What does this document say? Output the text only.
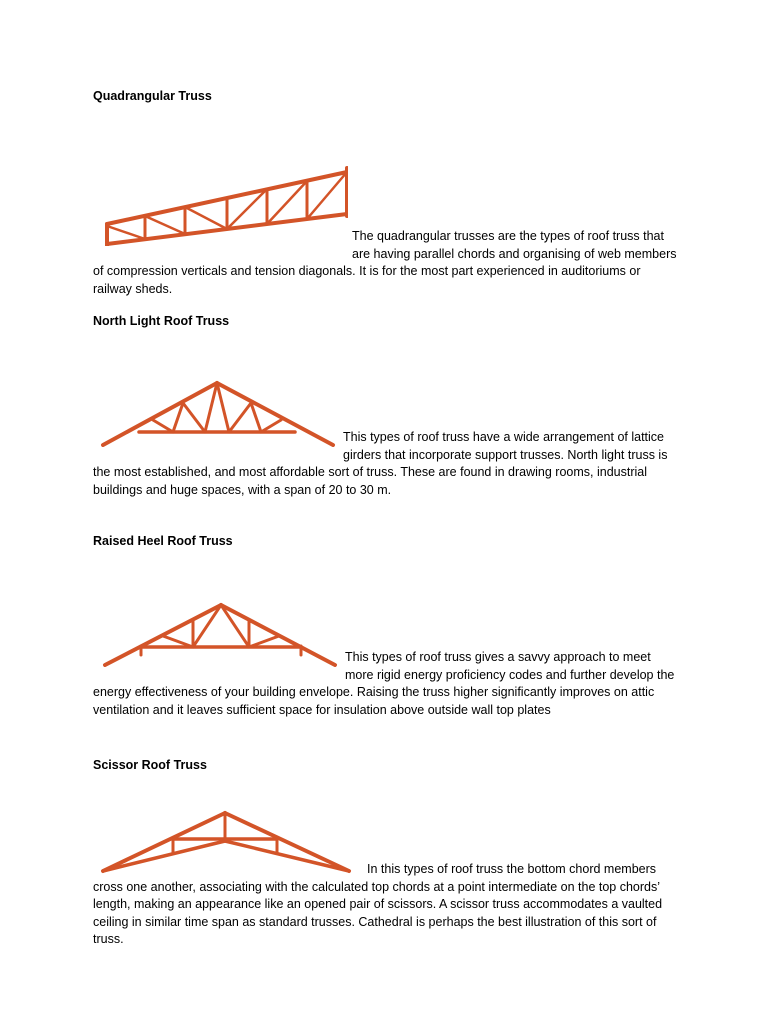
Quadrangular Truss

The quadrangular trusses are the types of roof truss that are having parallel chords and organising of web members of compression verticals and tension diagonals. It is for the most part experienced in auditoriums or railway sheds.

North Light Roof Truss

This types of roof truss have a wide arrangement of lattice girders that incorporate support trusses. North light truss is the most established, and most affordable sort of truss. These are found in drawing rooms, industrial buildings and huge spaces, with a span of 20 to 30 m.

Raised Heel Roof Truss

This types of roof truss gives a savvy approach to meet more rigid energy proficiency codes and further develop the energy effectiveness of your building envelope. Raising the truss higher significantly improves on attic ventilation and it leaves sufficient space for insulation above outside wall top plates

Scissor Roof Truss

In this types of roof truss the bottom chord members cross one another, associating with the calculated top chords at a point intermediate on the top chords’ length, making an appearance like an opened pair of scissors. A scissor truss accommodates a vaulted ceiling in similar time span as standard trusses. Cathedral is perhaps the best illustration of this sort of truss.
